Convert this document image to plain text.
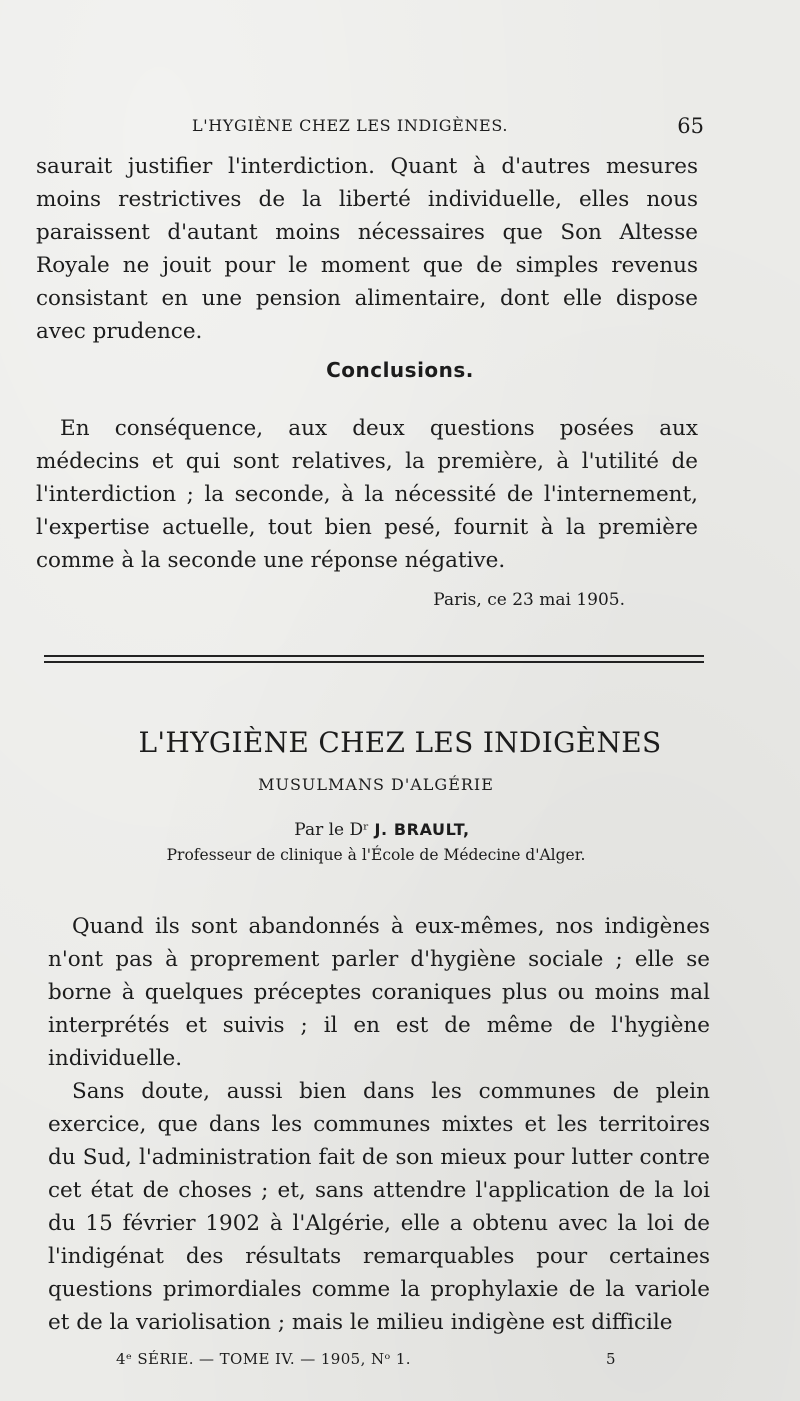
L'HYGIÈNE CHEZ LES INDIGÈNES.	65

saurait justifier l'interdiction. Quant à d'autres mesures moins restrictives de la liberté individuelle, elles nous paraissent d'autant moins nécessaires que Son Altesse Royale ne jouit pour le moment que de simples revenus consistant en une pension alimentaire, dont elle dispose avec prudence.

Conclusions.

En conséquence, aux deux questions posées aux médecins et qui sont relatives, la première, à l'utilité de l'interdiction ; la seconde, à la nécessité de l'internement, l'expertise actuelle, tout bien pesé, fournit à la première comme à la seconde une réponse négative.

Paris, ce 23 mai 1905.
L'HYGIÈNE CHEZ LES INDIGÈNES
MUSULMANS D'ALGÉRIE
Par le Dʳ J. BRAULT,
Professeur de clinique à l'École de Médecine d'Alger.

Quand ils sont abandonnés à eux-mêmes, nos indigènes n'ont pas à proprement parler d'hygiène sociale ; elle se borne à quelques préceptes coraniques plus ou moins mal interprétés et suivis ; il en est de même de l'hygiène individuelle.

Sans doute, aussi bien dans les communes de plein exercice, que dans les communes mixtes et les territoires du Sud, l'administration fait de son mieux pour lutter contre cet état de choses ; et, sans attendre l'application de la loi du 15 février 1902 à l'Algérie, elle a obtenu avec la loi de l'indigénat des résultats remarquables pour certaines questions primordiales comme la prophylaxie de la variole et de la variolisation ; mais le milieu indigène est difficile

4ᵉ SÉRIE. — TOME IV. — 1905, Nᵒ 1.	5
